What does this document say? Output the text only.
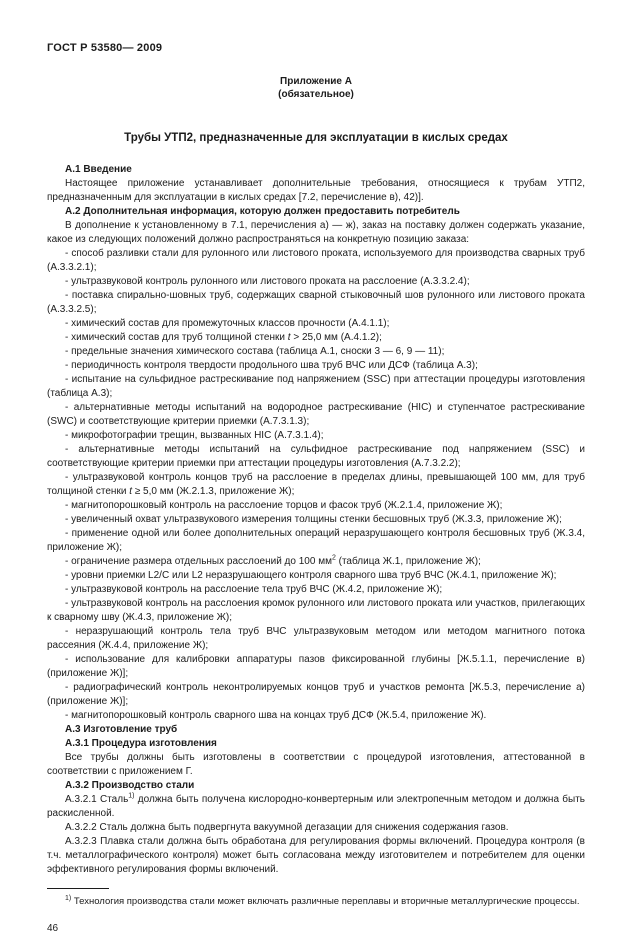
ГОСТ Р 53580— 2009
Приложение А
(обязательное)
Трубы УТП2, предназначенные для эксплуатации в кислых средах

А.1 Введение

Настоящее приложение устанавливает дополнительные требования, относящиеся к трубам УТП2, предназначенным для эксплуатации в кислых средах [7.2, перечисление в), 42)].

А.2 Дополнительная информация, которую должен предоставить потребитель

В дополнение к установленному в 7.1, перечисления а) — ж), заказ на поставку должен содержать указание, какое из следующих положений должно распространяться на конкретную позицию заказа:

- способ разливки стали для рулонного или листового проката, используемого для производства сварных труб (А.3.3.2.1);

- ультразвуковой контроль рулонного или листового проката на расслоение (А.3.3.2.4);

- поставка спирально-шовных труб, содержащих сварной стыковочный шов рулонного или листового проката (А.3.3.2.5);

- химический состав для промежуточных классов прочности (А.4.1.1);

- химический состав для труб толщиной стенки t > 25,0 мм (А.4.1.2);

- предельные значения химического состава (таблица А.1, сноски 3 — 6, 9 — 11);

- периодичность контроля твердости продольного шва труб ВЧС или ДСФ (таблица А.3);

- испытание на сульфидное растрескивание под напряжением (SSC) при аттестации процедуры изготовления (таблица А.3);

- альтернативные методы испытаний на водородное растрескивание (HIC) и ступенчатое растрескивание (SWC) и соответствующие критерии приемки (А.7.3.1.3);

- микрофотографии трещин, вызванных HIC (А.7.3.1.4);

- альтернативные методы испытаний на сульфидное растрескивание под напряжением (SSC) и соответствующие критерии приемки при аттестации процедуры изготовления (А.7.3.2.2);

- ультразвуковой контроль концов труб на расслоение в пределах длины, превышающей 100 мм, для труб толщиной стенки t ≥ 5,0 мм (Ж.2.1.3, приложение Ж);

- магнитопорошковый контроль на расслоение торцов и фасок труб (Ж.2.1.4, приложение Ж);

- увеличенный охват ультразвукового измерения толщины стенки бесшовных труб (Ж.3.3, приложение Ж);

- применение одной или более дополнительных операций неразрушающего контроля бесшовных труб (Ж.3.4, приложение Ж);

- ограничение размера отдельных расслоений до 100 $мм^2$ (таблица Ж.1, приложение Ж);

- уровни приемки L2/C или L2 неразрушающего контроля сварного шва труб ВЧС (Ж.4.1, приложение Ж);

- ультразвуковой контроль на расслоение тела труб ВЧС (Ж.4.2, приложение Ж);

- ультразвуковой контроль на расслоения кромок рулонного или листового проката или участков, прилегающих к сварному шву (Ж.4.3, приложение Ж);

- неразрушающий контроль тела труб ВЧС ультразвуковым методом или методом магнитного потока рассеяния (Ж.4.4, приложение Ж);

- использование для калибровки аппаратуры пазов фиксированной глубины [Ж.5.1.1, перечисление в) (приложение Ж)];

- радиографический контроль неконтролируемых концов труб и участков ремонта [Ж.5.3, перечисление а) (приложение Ж)];

- магнитопорошковый контроль сварного шва на концах труб ДСФ (Ж.5.4, приложение Ж).

А.3 Изготовление труб

А.3.1 Процедура изготовления

Все трубы должны быть изготовлены в соответствии с процедурой изготовления, аттестованной в соответствии с приложением Г.

А.3.2 Производство стали

А.3.2.1 Сталь$^{1)}$ должна быть получена кислородно-конвертерным или электропечным методом и должна быть раскисленной.

А.3.2.2 Сталь должна быть подвергнута вакуумной дегазации для снижения содержания газов.

А.3.2.3 Плавка стали должна быть обработана для регулирования формы включений. Процедура контроля (в т.ч. металлографического контроля) может быть согласована между изготовителем и потребителем для оценки эффективного регулирования формы включений.

$^{1)}$ Технология производства стали может включать различные переплавы и вторичные металлургические процессы.

46
